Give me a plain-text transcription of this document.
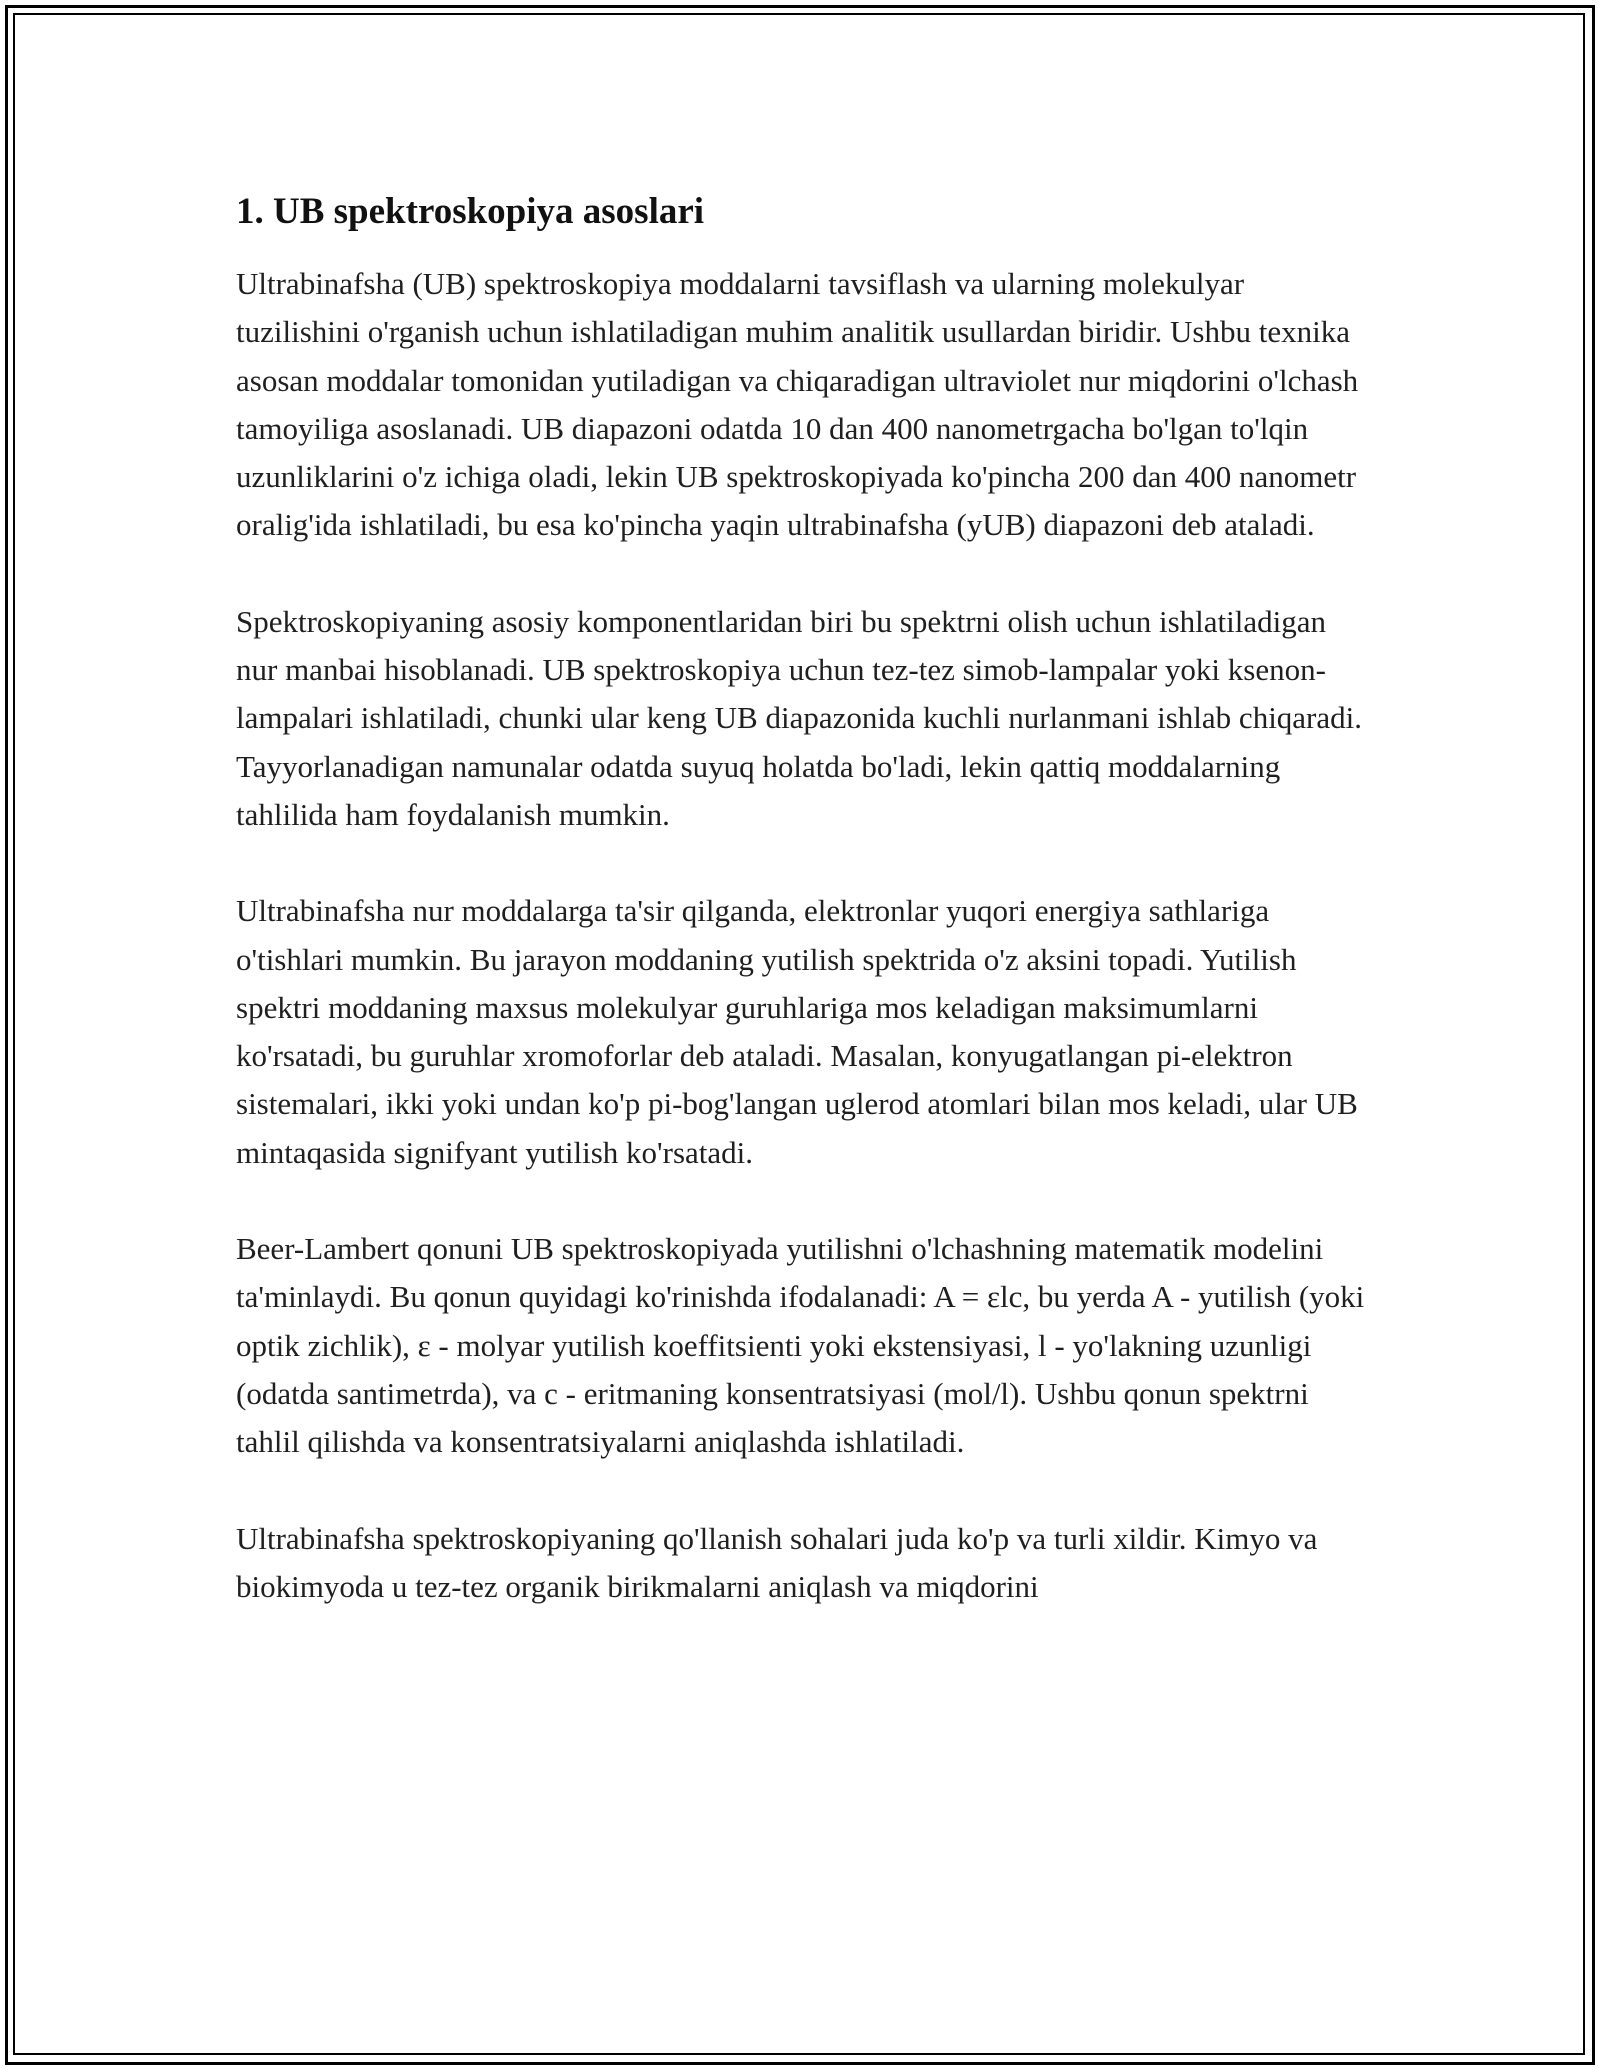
1. UB spektroskopiya asoslari

Ultrabinafsha (UB) spektroskopiya moddalarni tavsiflash va ularning molekulyar tuzilishini o'rganish uchun ishlatiladigan muhim analitik usullardan biridir. Ushbu texnika asosan moddalar tomonidan yutiladigan va chiqaradigan ultraviolet nur miqdorini o'lchash tamoyiliga asoslanadi. UB diapazoni odatda 10 dan 400 nanometrgacha bo'lgan to'lqin uzunliklarini o'z ichiga oladi, lekin UB spektroskopiyada ko'pincha 200 dan 400 nanometr oralig'ida ishlatiladi, bu esa ko'pincha yaqin ultrabinafsha (yUB) diapazoni deb ataladi.

Spektroskopiyaning asosiy komponentlaridan biri bu spektrni olish uchun ishlatiladigan nur manbai hisoblanadi. UB spektroskopiya uchun tez-tez simob-lampalar yoki ksenon-lampalari ishlatiladi, chunki ular keng UB diapazonida kuchli nurlanmani ishlab chiqaradi. Tayyorlanadigan namunalar odatda suyuq holatda bo'ladi, lekin qattiq moddalarning tahlilida ham foydalanish mumkin.

Ultrabinafsha nur moddalarga ta'sir qilganda, elektronlar yuqori energiya sathlariga o'tishlari mumkin. Bu jarayon moddaning yutilish spektrida o'z aksini topadi. Yutilish spektri moddaning maxsus molekulyar guruhlariga mos keladigan maksimumlarni ko'rsatadi, bu guruhlar xromoforlar deb ataladi. Masalan, konyugatlangan pi-elektron sistemalari, ikki yoki undan ko'p pi-bog'langan uglerod atomlari bilan mos keladi, ular UB mintaqasida signifyant yutilish ko'rsatadi.

Beer-Lambert qonuni UB spektroskopiyada yutilishni o'lchashning matematik modelini ta'minlaydi. Bu qonun quyidagi ko'rinishda ifodalanadi: A = εlc, bu yerda A - yutilish (yoki optik zichlik), ε - molyar yutilish koeffitsienti yoki ekstensiyasi, l - yo'lakning uzunligi (odatda santimetrda), va c - eritmaning konsentratsiyasi (mol/l). Ushbu qonun spektrni tahlil qilishda va konsentratsiyalarni aniqlashda ishlatiladi.

Ultrabinafsha spektroskopiyaning qo'llanish sohalari juda ko'p va turli xildir. Kimyo va biokimyoda u tez-tez organik birikmalarni aniqlash va miqdorini
